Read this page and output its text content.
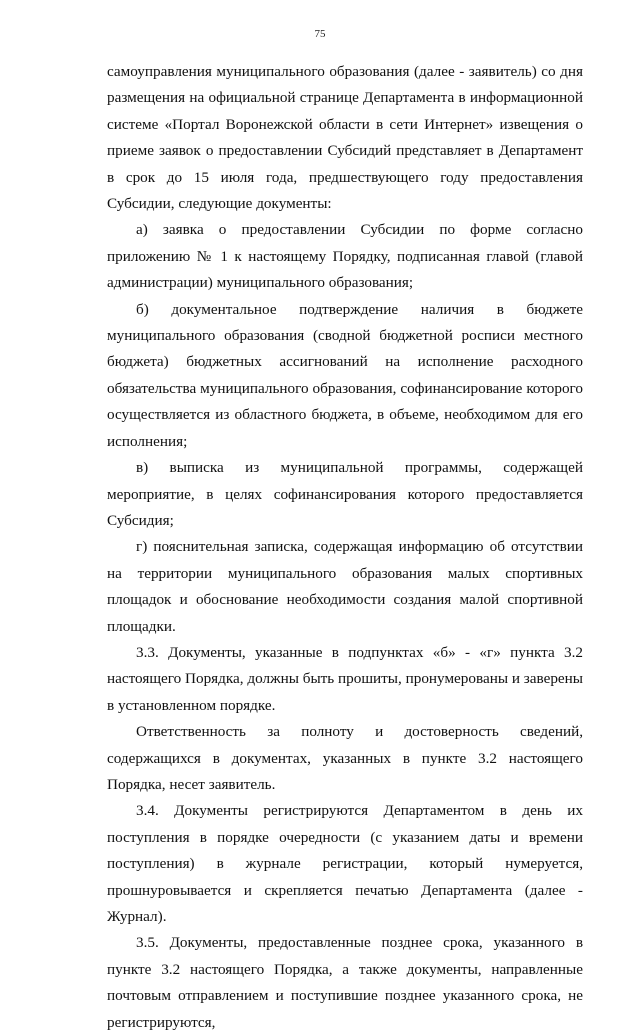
75

самоуправления муниципального образования (далее - заявитель) со дня размещения на официальной странице Департамента в информационной системе «Портал Воронежской области в сети Интернет» извещения о приеме заявок о предоставлении Субсидий представляет в Департамент в срок до 15 июля года, предшествующего году предоставления Субсидии, следующие документы:

а) заявка о предоставлении Субсидии по форме согласно приложению № 1 к настоящему Порядку, подписанная главой (главой администрации) муниципального образования;

б) документальное подтверждение наличия в бюджете муниципального образования (сводной бюджетной росписи местного бюджета) бюджетных ассигнований на исполнение расходного обязательства муниципального образования, софинансирование которого осуществляется из областного бюджета, в объеме, необходимом для его исполнения;

в) выписка из муниципальной программы, содержащей мероприятие, в целях софинансирования которого предоставляется Субсидия;

г) пояснительная записка, содержащая информацию об отсутствии на территории муниципального образования малых спортивных площадок и обоснование необходимости создания малой спортивной площадки.

3.3. Документы, указанные в подпунктах «б» - «г» пункта 3.2 настоящего Порядка, должны быть прошиты, пронумерованы и заверены в установленном порядке.

Ответственность за полноту и достоверность сведений, содержащихся в документах, указанных в пункте 3.2 настоящего Порядка, несет заявитель.

3.4. Документы регистрируются Департаментом в день их поступления в порядке очередности (с указанием даты и времени поступления) в журнале регистрации, который нумеруется, прошнуровывается и скрепляется печатью Департамента (далее - Журнал).

3.5. Документы, предоставленные позднее срока, указанного в пункте 3.2 настоящего Порядка, а также документы, направленные почтовым отправлением и поступившие позднее указанного срока, не регистрируются,
